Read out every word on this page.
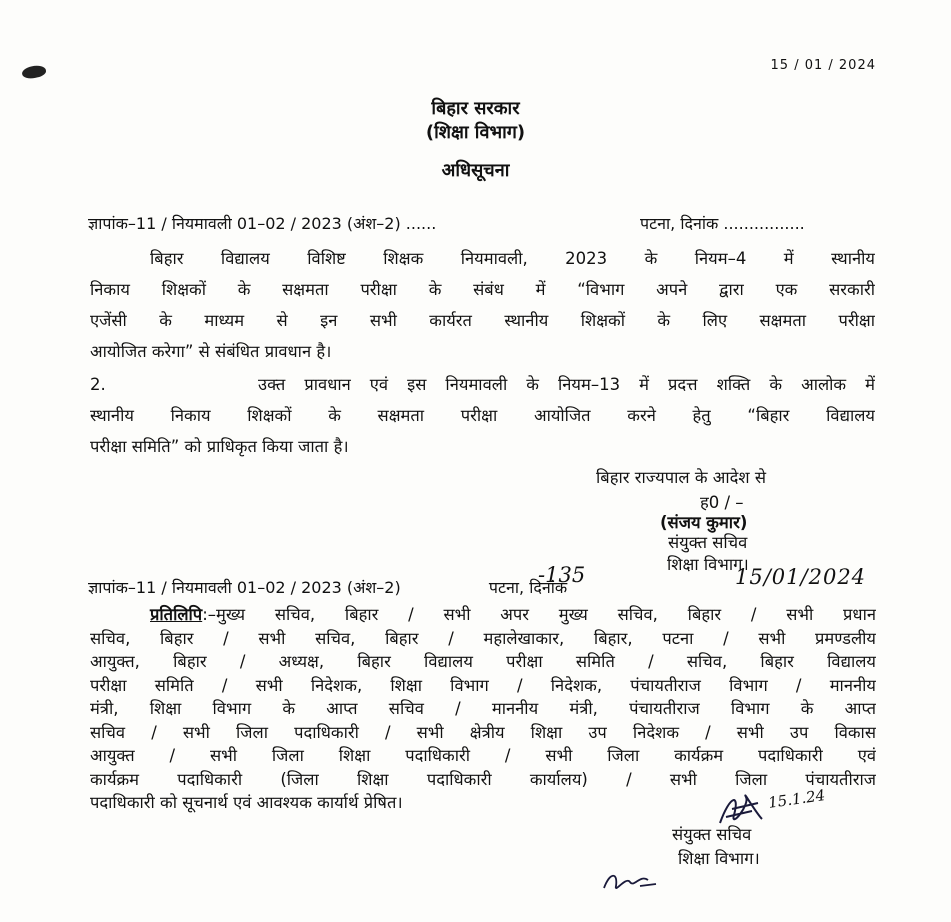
15 / 01 / 2024
बिहार सरकार
(शिक्षा विभाग)
अधिसूचना
ज्ञापांक–11 / नियमावली 01–02 / 2023 (अंश–2) ......	पटना, दिनांक ................
बिहार विद्यालय विशिष्ट शिक्षक नियमावली, 2023 के नियम–4 में स्थानीय
निकाय शिक्षकों के सक्षमता परीक्षा के संबंध में “विभाग अपने द्वारा एक सरकारी
एजेंसी के माध्यम से इन सभी कार्यरत स्थानीय शिक्षकों के लिए सक्षमता परीक्षा
आयोजित करेगा” से संबंधित प्रावधान है।
2.        उक्त प्रावधान एवं इस नियमावली के नियम–13 में प्रदत्त शक्ति के आलोक में
स्थानीय निकाय शिक्षकों के सक्षमता परीक्षा आयोजित करने हेतु “बिहार विद्यालय
परीक्षा समिति” को प्राधिकृत किया जाता है।
बिहार राज्यपाल के आदेश से
ह0 / –
(संजय कुमार)
संयुक्त सचिव
शिक्षा विभाग।
ज्ञापांक–11 / नियमावली 01–02 / 2023 (अंश–2)	पटना, दिनांक
-135	15/01/2024
प्रतिलिपि:–मुख्य सचिव, बिहार / सभी अपर मुख्य सचिव, बिहार / सभी प्रधान
सचिव, बिहार / सभी सचिव, बिहार / महालेखाकार, बिहार, पटना / सभी प्रमण्डलीय
आयुक्त, बिहार / अध्यक्ष, बिहार विद्यालय परीक्षा समिति / सचिव, बिहार विद्यालय
परीक्षा समिति / सभी निदेशक, शिक्षा विभाग / निदेशक, पंचायतीराज विभाग / माननीय
मंत्री, शिक्षा विभाग के आप्त सचिव / माननीय मंत्री, पंचायतीराज विभाग के आप्त
सचिव / सभी जिला पदाधिकारी / सभी क्षेत्रीय शिक्षा उप निदेशक / सभी उप विकास
आयुक्त / सभी जिला शिक्षा पदाधिकारी / सभी जिला कार्यक्रम पदाधिकारी एवं
कार्यक्रम पदाधिकारी (जिला शिक्षा पदाधिकारी कार्यालय) / सभी जिला पंचायतीराज
पदाधिकारी को सूचनार्थ एवं आवश्यक कार्यार्थ प्रेषित।	15.1.24
संयुक्त सचिव
शिक्षा विभाग।
